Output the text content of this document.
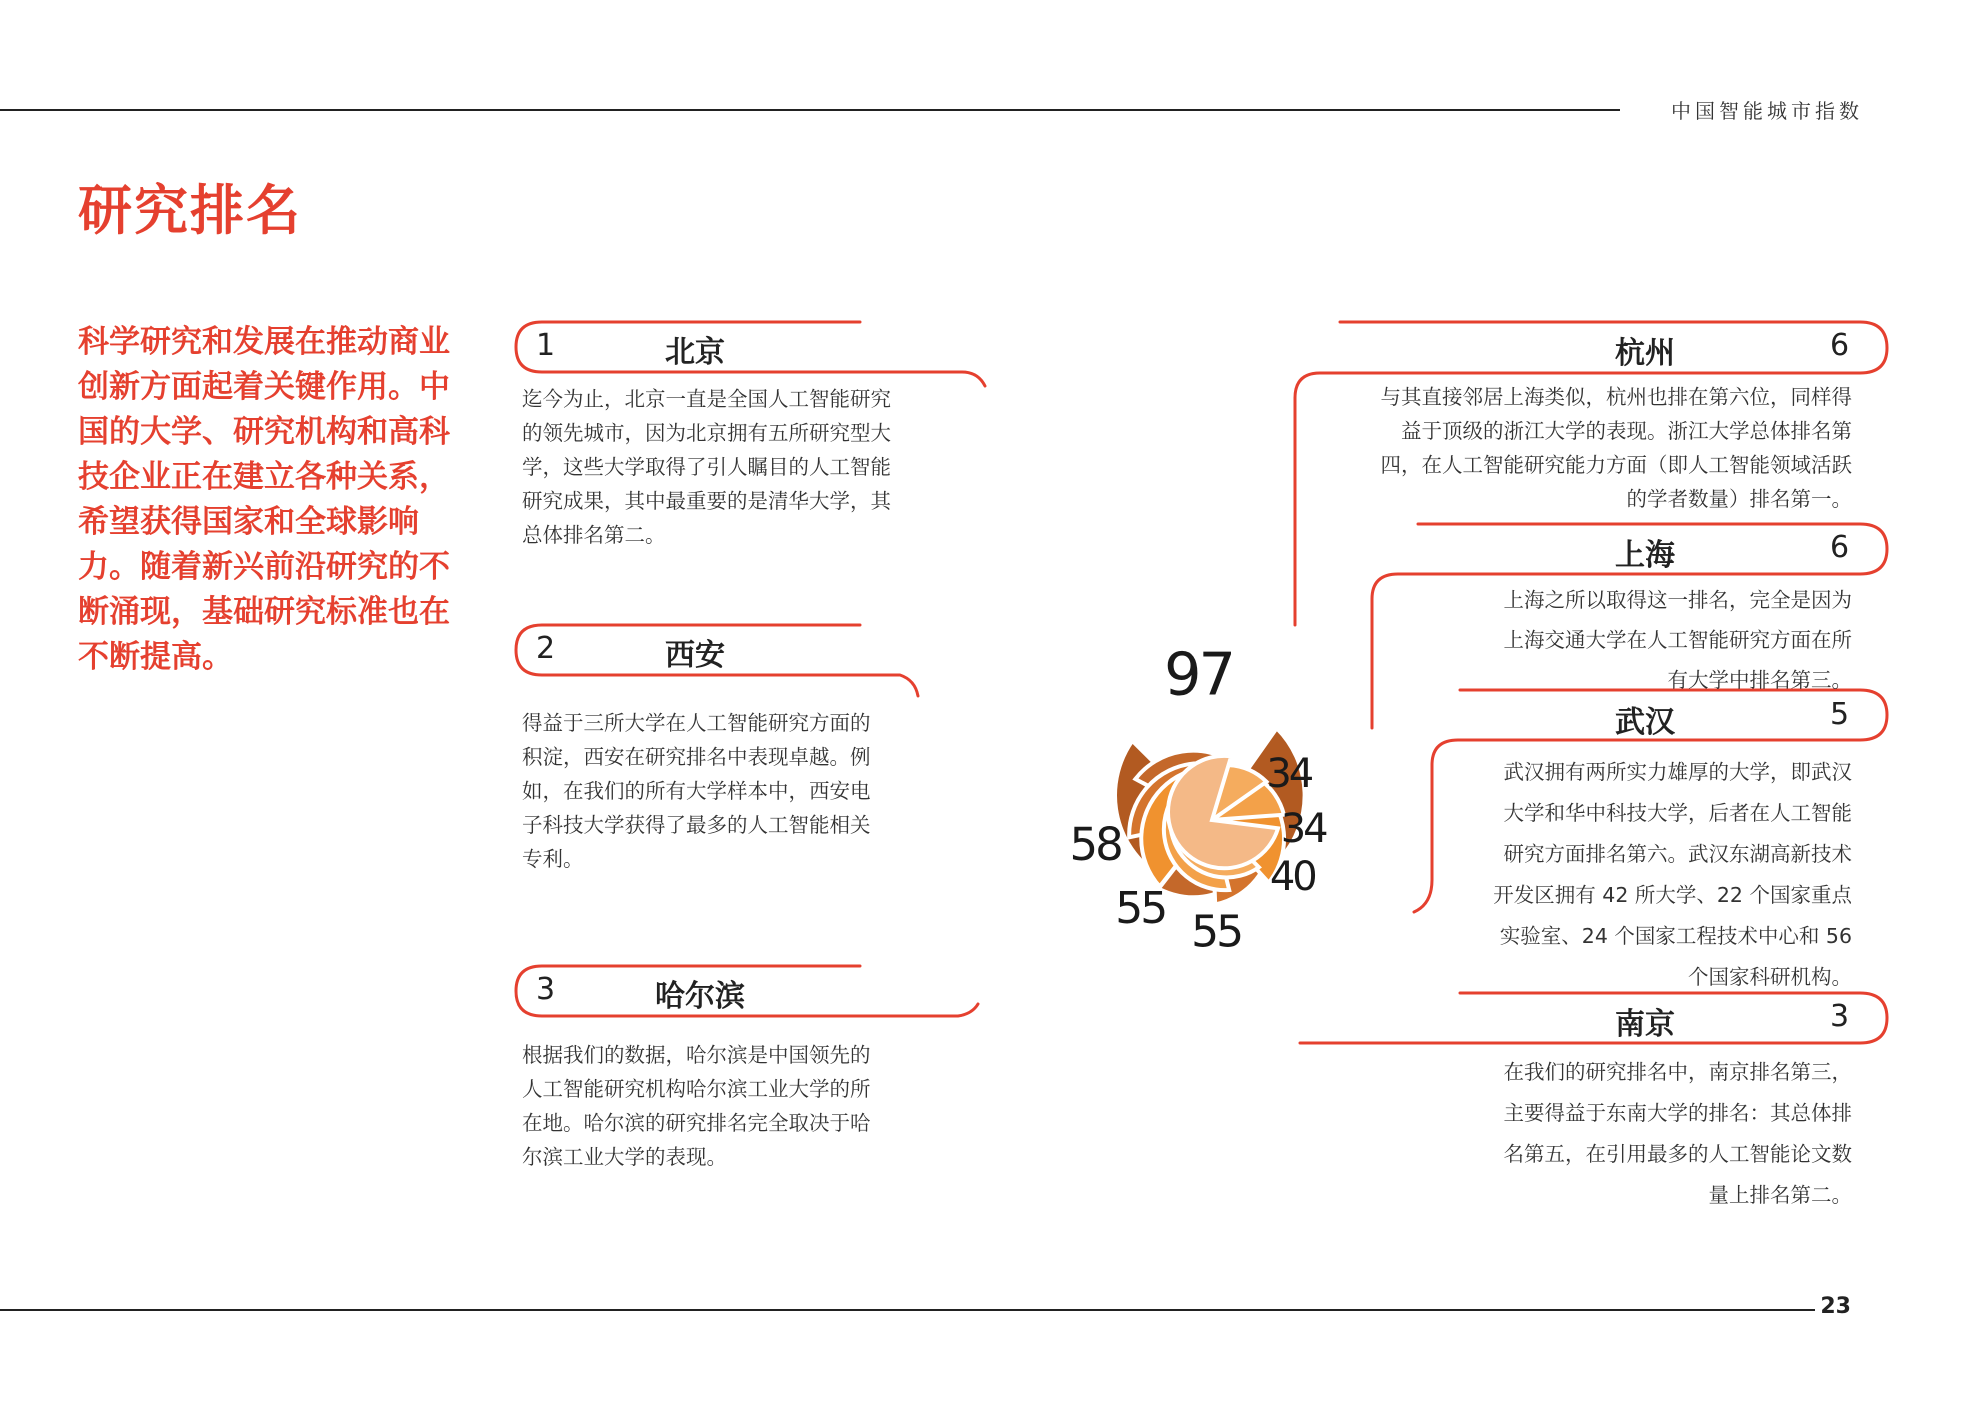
中国智能城市指数
研究排名
科学研究和发展在推动商业创新方面起着关键作用。中国的大学、研究机构和高科技企业正在建立各种关系，希望获得国家和全球影响力。随着新兴前沿研究的不断涌现，基础研究标准也在不断提高。	97
58
55 55
40
34
34
1	北京
迄今为止，北京一直是全国人工智能研究的领先城市，因为北京拥有五所研究型大学，这些大学取得了引人瞩目的人工智能研究成果，其中最重要的是清华大学，其总体排名第二。
2	西安
得益于三所大学在人工智能研究方面的积淀，西安在研究排名中表现卓越。例如，在我们的所有大学样本中，西安电子科技大学获得了最多的人工智能相关专利。
3	哈尔滨
根据我们的数据，哈尔滨是中国领先的人工智能研究机构哈尔滨工业大学的所在地。哈尔滨的研究排名完全取决于哈尔滨工业大学的表现。
杭州	6
与其直接邻居上海类似，杭州也排在第六位，同样得益于顶级的浙江大学的表现。浙江大学总体排名第四，在人工智能研究能力方面（即人工智能领域活跃的学者数量）排名第一。
上海	6
上海之所以取得这一排名，完全是因为上海交通大学在人工智能研究方面在所有大学中排名第三。
武汉	5
武汉拥有两所实力雄厚的大学，即武汉大学和华中科技大学，后者在人工智能研究方面排名第六。武汉东湖高新技术开发区拥有 42 所大学、22 个国家重点实验室、24 个国家工程技术中心和 56 个国家科研机构。
南京	3
在我们的研究排名中，南京排名第三，主要得益于东南大学的排名：其总体排名第五，在引用最多的人工智能论文数量上排名第二。
23
